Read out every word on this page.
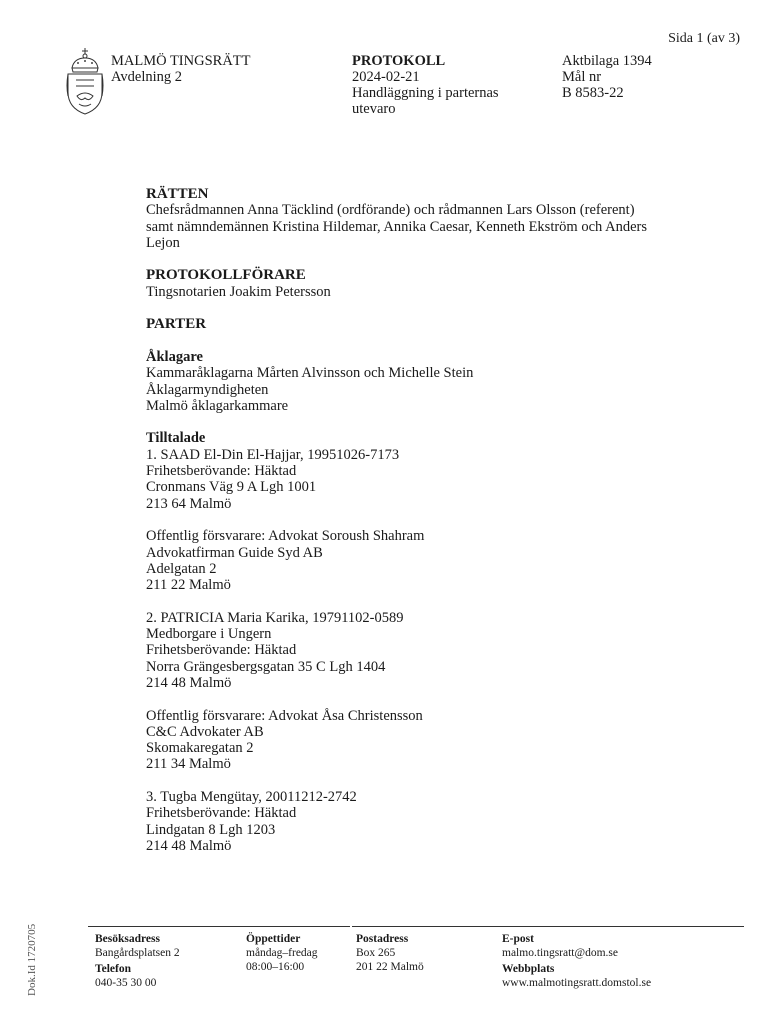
Sida 1 (av 3)
MALMÖ TINGSRÄTT
Avdelning 2
PROTOKOLL
2024-02-21
Handläggning i parternas
utevaro
Aktbilaga 1394
Mål nr
B 8583-22
RÄTTEN
Chefsrådmannen Anna Täcklind (ordförande) och rådmannen Lars Olsson (referent)
samt nämndemännen Kristina Hildemar, Annika Caesar, Kenneth Ekström och Anders
Lejon
PROTOKOLLFÖRARE
Tingsnotarien Joakim Petersson
PARTER
Åklagare
Kammaråklagarna Mårten Alvinsson och Michelle Stein
Åklagarmyndigheten
Malmö åklagarkammare
Tilltalade
1. SAAD El-Din El-Hajjar, 19951026-7173
Frihetsberövande: Häktad
Cronmans Väg 9 A Lgh 1001
213 64 Malmö
Offentlig försvarare: Advokat Soroush Shahram
Advokatfirman Guide Syd AB
Adelgatan 2
211 22 Malmö
2. PATRICIA Maria Karika, 19791102-0589
Medborgare i Ungern
Frihetsberövande: Häktad
Norra Grängesbergsgatan 35 C Lgh 1404
214 48 Malmö
Offentlig försvarare: Advokat Åsa Christensson
C&C Advokater AB
Skomakaregatan 2
211 34 Malmö
3. Tugba Mengütay, 20011212-2742
Frihetsberövande: Häktad
Lindgatan 8 Lgh 1203
214 48 Malmö
Dok.Id 1720705	Besöksadress
Bangårdsplatsen 2
Telefon
040-35 30 00
Öppettider
måndag–fredag
08:00–16:00
Postadress
Box 265
201 22 Malmö
E-post
malmo.tingsratt@dom.se
Webbplats
www.malmotingsratt.domstol.se
